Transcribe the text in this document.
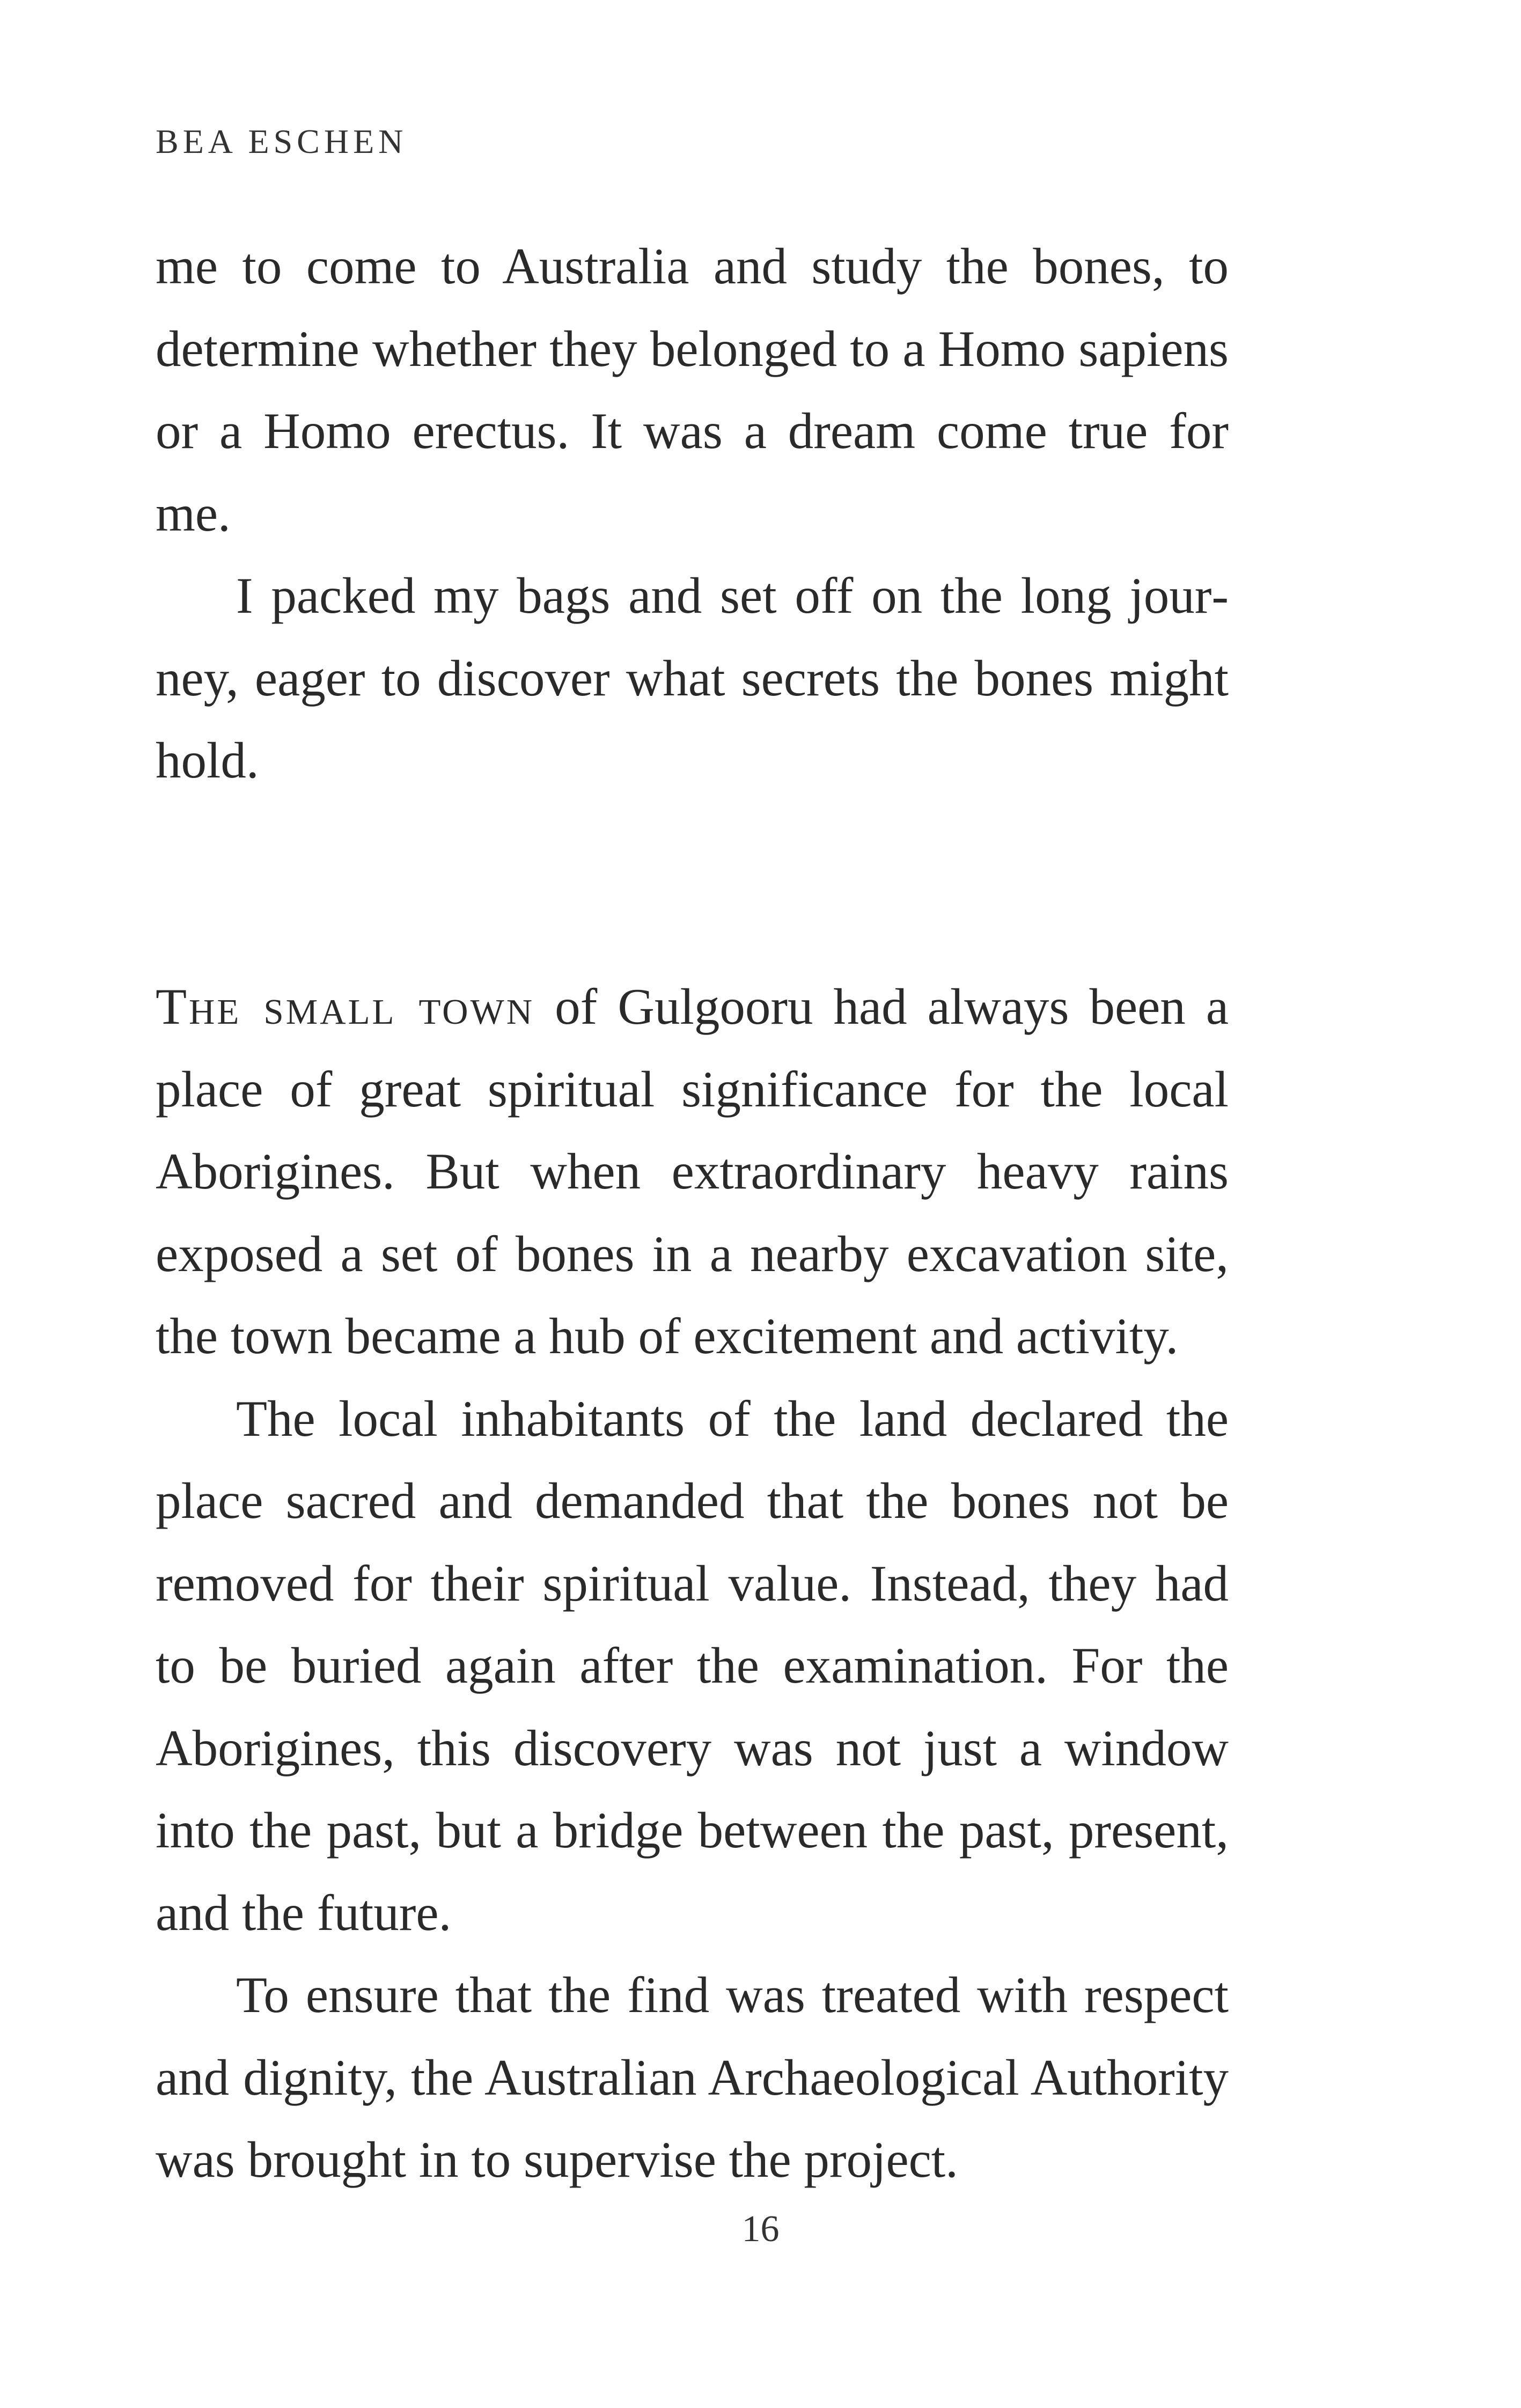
BEA ESCHEN

me to come to Australia and study the bones, to determine whether they belonged to a Homo sapiens or a Homo erectus. It was a dream come true for me.

I packed my bags and set off on the long journey, eager to discover what secrets the bones might hold.

The small town of Gulgooru had always been a place of great spiritual significance for the local Aborigines. But when extraordinary heavy rains exposed a set of bones in a nearby excavation site, the town became a hub of excitement and activity.

The local inhabitants of the land declared the place sacred and demanded that the bones not be removed for their spiritual value. Instead, they had to be buried again after the examination. For the Aborigines, this discovery was not just a window into the past, but a bridge between the past, present, and the future.

To ensure that the find was treated with respect and dignity, the Australian Archaeological Authority was brought in to supervise the project.

16
